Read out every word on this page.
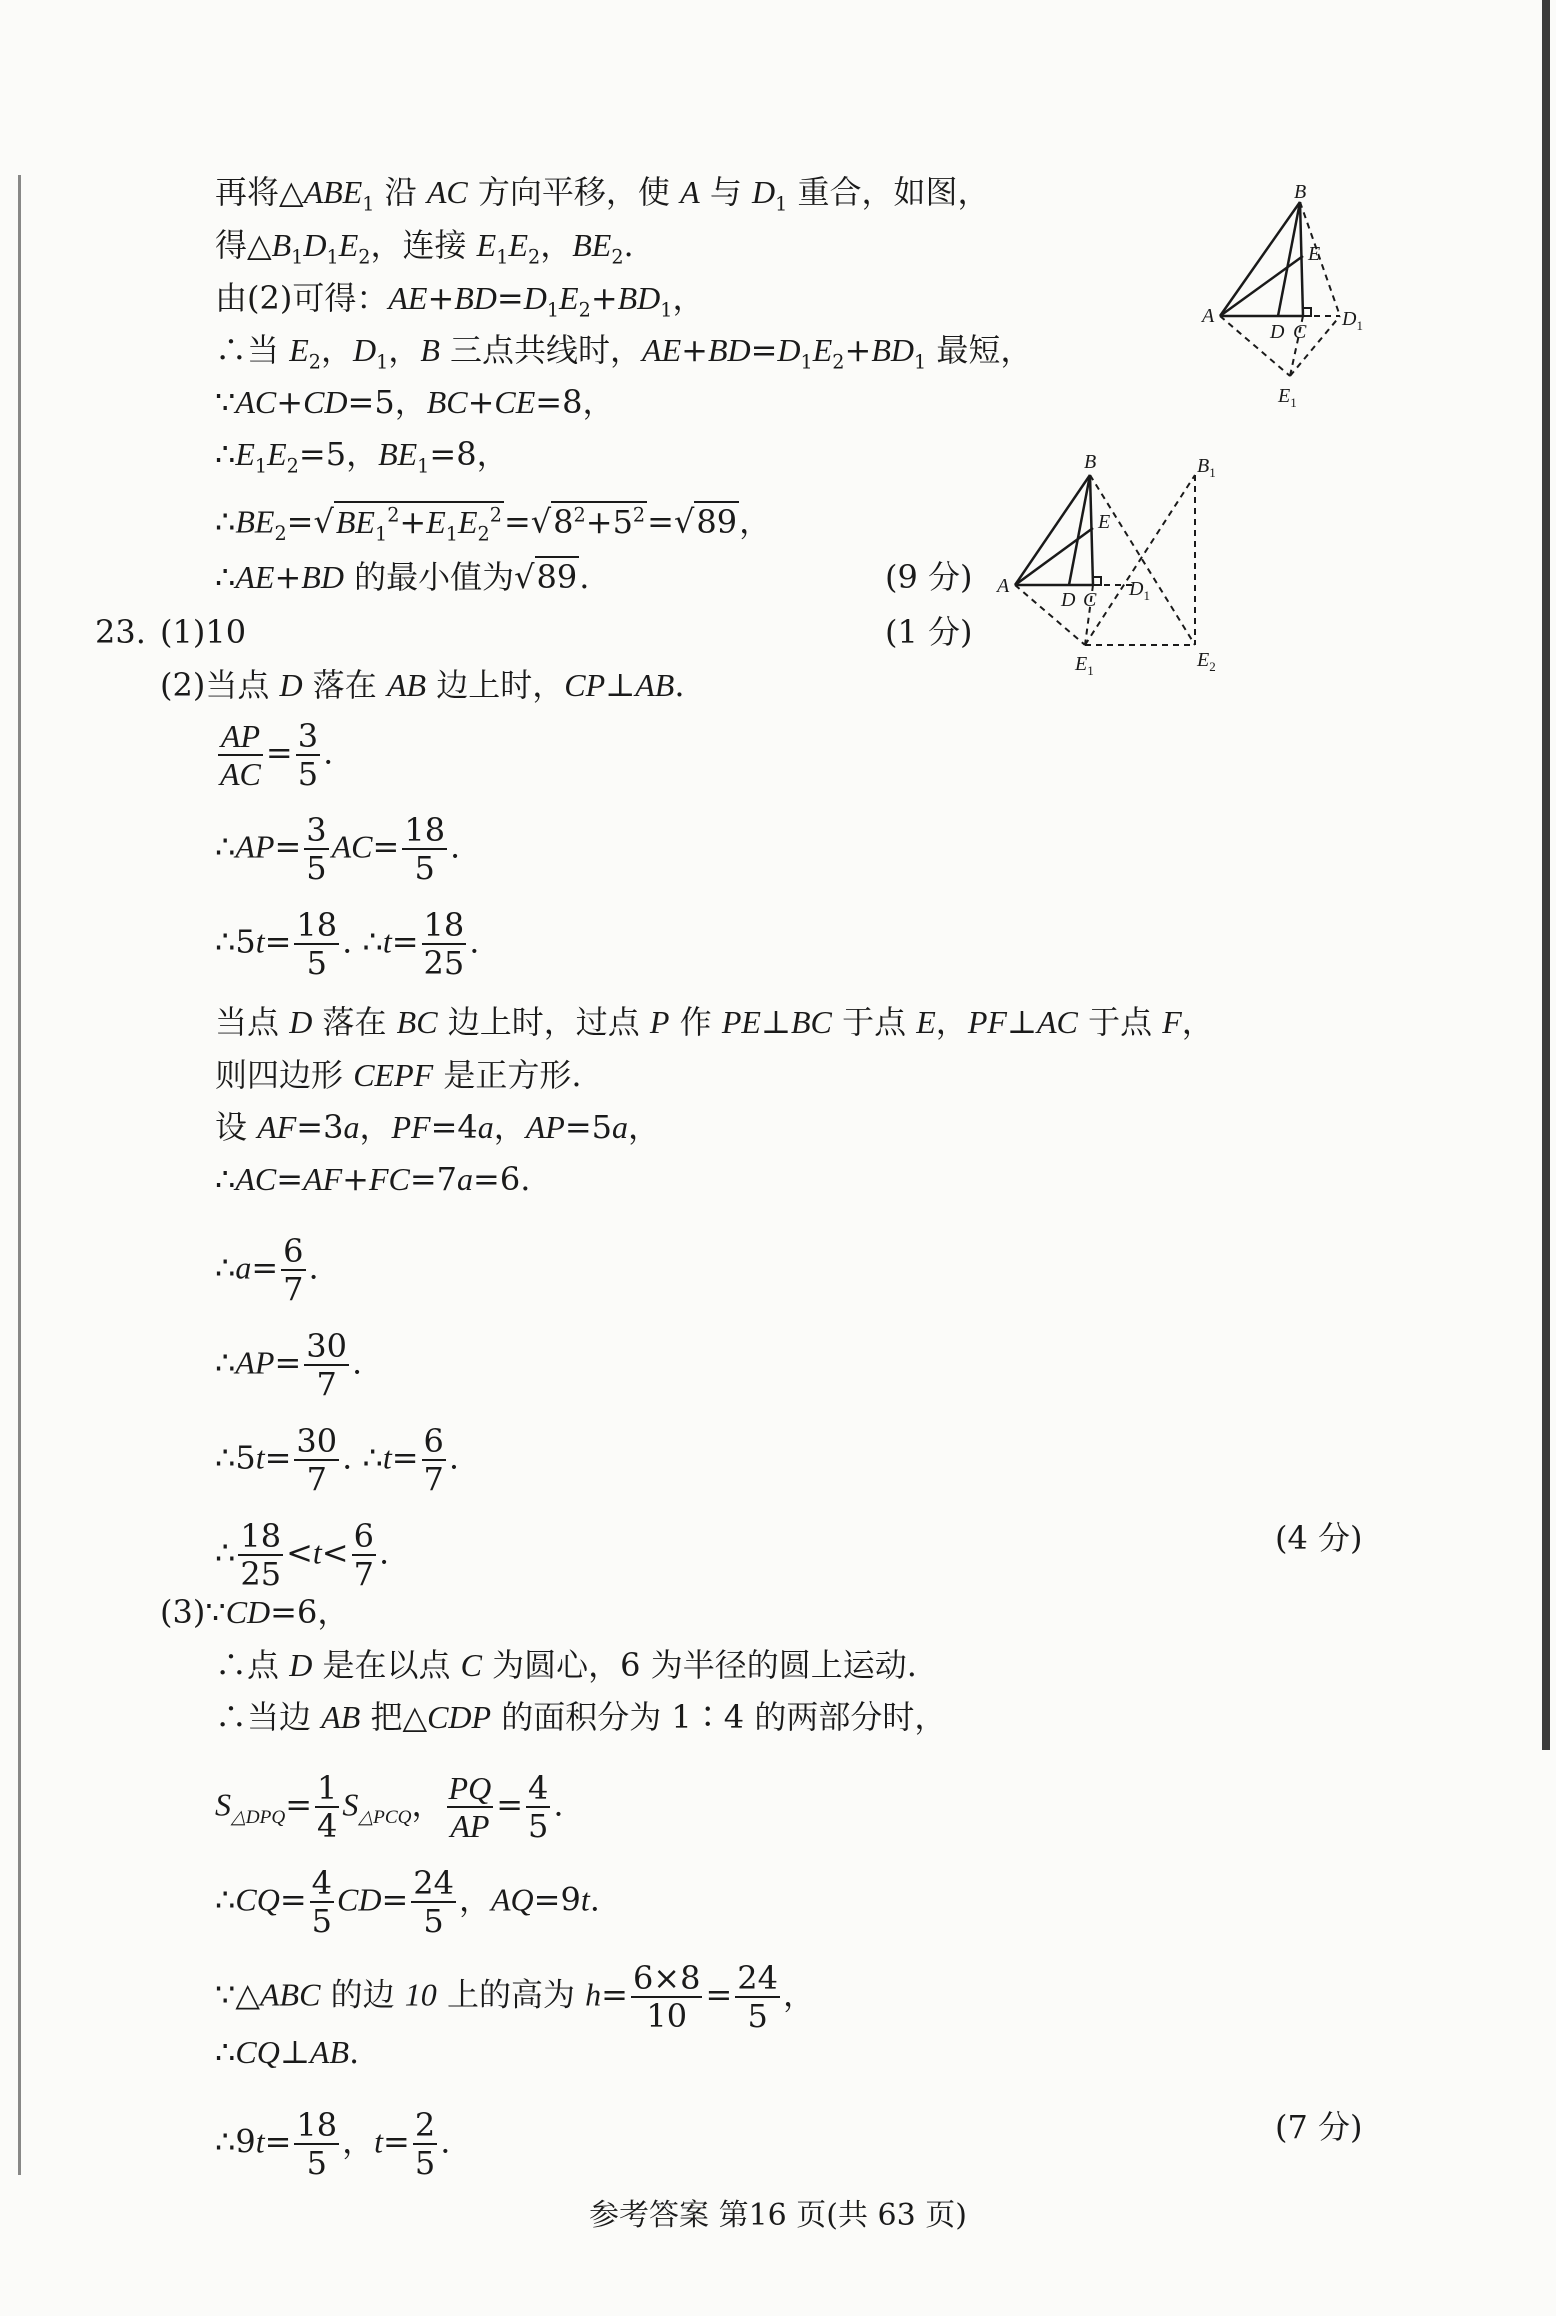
再将$\triangle ABE_1$ 沿 AC 方向平移，使 A 与 $D_1$ 重合，如图，
得$\triangle B_1D_1E_2$，连接 $E_1E_2$，$BE_2$.
由(2)可得：$AE+BD=D_1E_2+BD_1$，
∴当 $E_2$，$D_1$，B 三点共线时，$AE+BD=D_1E_2+BD_1$ 最短，
∵AC+CD=5，BC+CE=8，
$\therefore E_1E_2=5$，$BE_1=8$，
$\therefore BE_2=√BE_1^2+E_1E_2^2=√8^2+5^2=√89$，
∴AE+BD 的最小值为√89.	(9 分)
23. (1)10	(1 分)
(2)当点 D 落在 AB 边上时，CP⊥AB.
$\frac{AP}{AC} = \frac{3}{5}$ .
∴AP= $\frac{3}{5} AC= \frac{18}{5}$ .
∴5t= $\frac{18}{5}$ . ∴t= $\frac{18}{25}$ .
当点 D 落在 BC 边上时，过点 P 作 PE⊥BC 于点 E，PF⊥AC 于点 F，
则四边形 CEPF 是正方形.
设 AF=3a，PF=4a，AP=5a，
∴AC=AF+FC=7a=6.
∴a= $\frac{6}{7}$ .
∴AP= $\frac{30}{7}$ .
∴5t= $\frac{30}{7}$ . ∴t= $\frac{6}{7}$ .
∴ $\frac{18}{25} <t< \frac{6}{7}$ .	(4 分)
(3)∵CD=6，
∴点 D 是在以点 C 为圆心，6 为半径的圆上运动.
∴当边 AB 把△CDP 的面积分为 1∶4 的两部分时，
$S_{\triangle DPQ}= \frac{1}{4} S_{\triangle PCQ}$， $\frac{PQ}{AP} = \frac{4}{5}$ .
∴CQ= $\frac{4}{5} CD= \frac{24}{5}$ ，AQ=9t.
∵△ABC 的边 10 上的高为 $h= \frac{6\times 8}{10} = \frac{24}{5}$ ，
∴CQ⊥AB.
∴9t= $\frac{18}{5}$ ，$t= \frac{2}{5}$ .	(7 分)
B
E
A
D C
$D_1$
$E_1$
B
E
$B_1$
A
D C $D_1$
$E_1$	$E_2$
参考答案 第16 页(共 63 页)
